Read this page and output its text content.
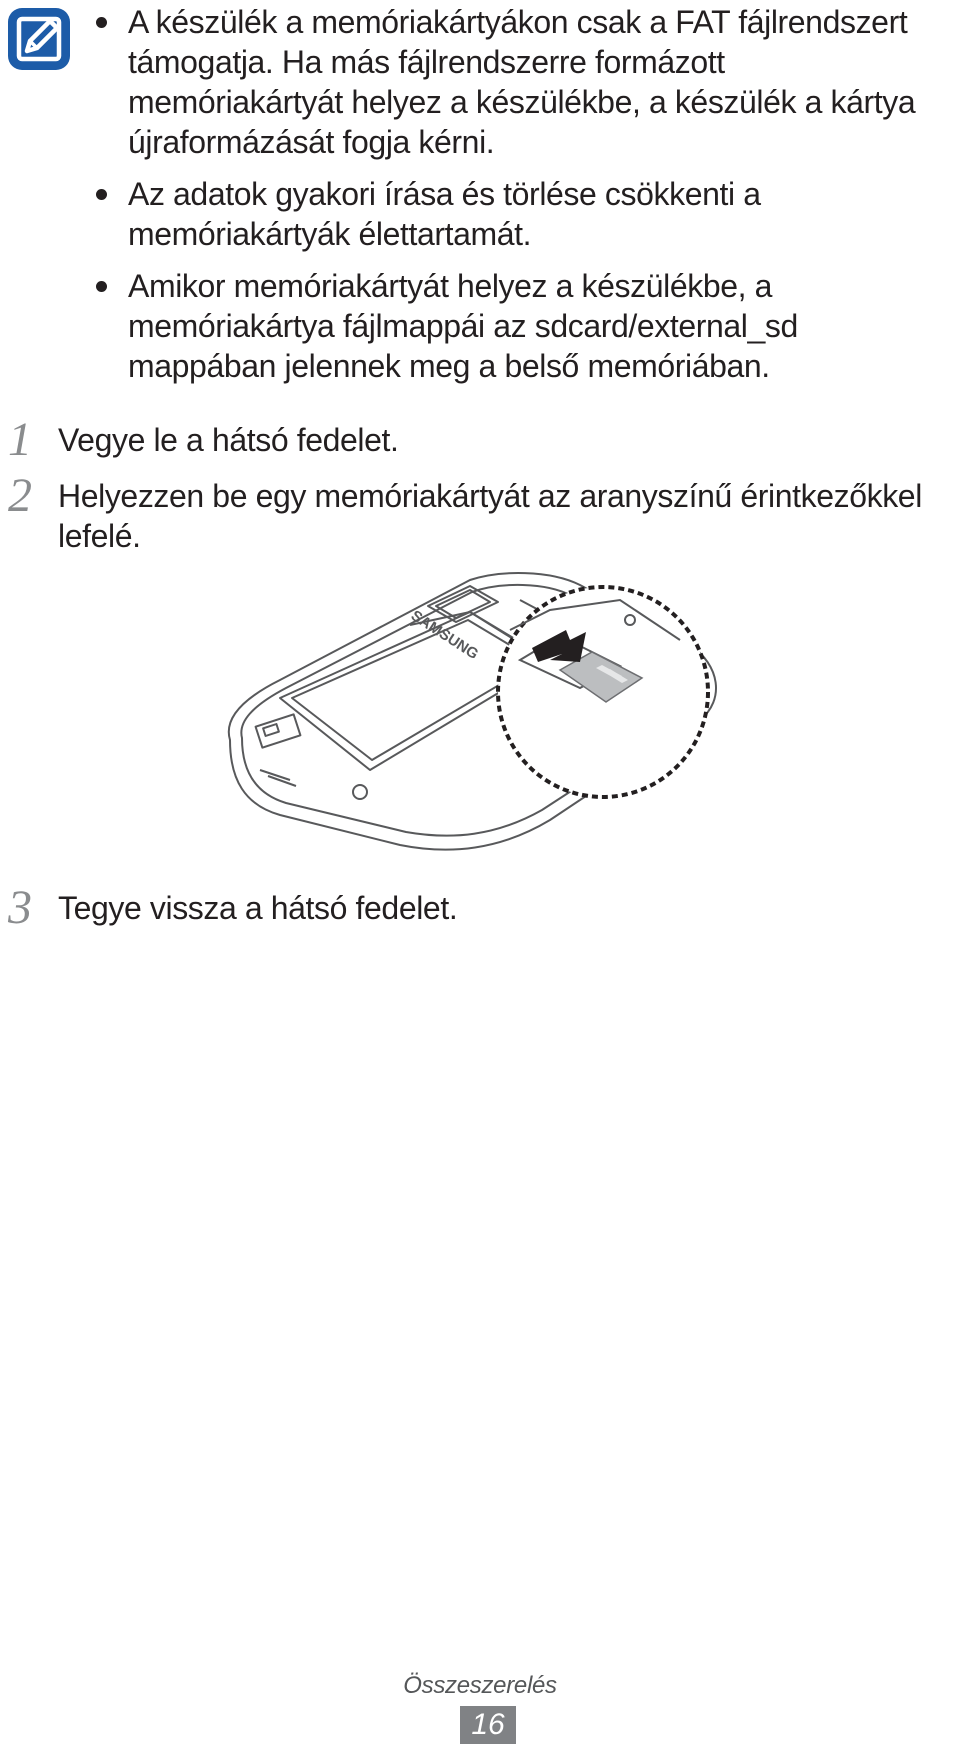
A készülék a memóriakártyákon csak a FAT fájlrendszert támogatja. Ha más fájlrendszerre formázott memóriakártyát helyez a készülékbe, a készülék a kártya újraformázását fogja kérni.
Az adatok gyakori írása és törlése csökkenti a memóriakártyák élettartamát.
Amikor memóriakártyát helyez a készülékbe, a memóriakártya fájlmappái az sdcard/external_sd mappában jelennek meg a belső memóriában.
1 Vegye le a hátsó fedelet.
2 Helyezzen be egy memóriakártyát az aranyszínű érintkezőkkel lefelé.
SAMSUNG
3 Tegye vissza a hátsó fedelet.
Összeszerelés
16
